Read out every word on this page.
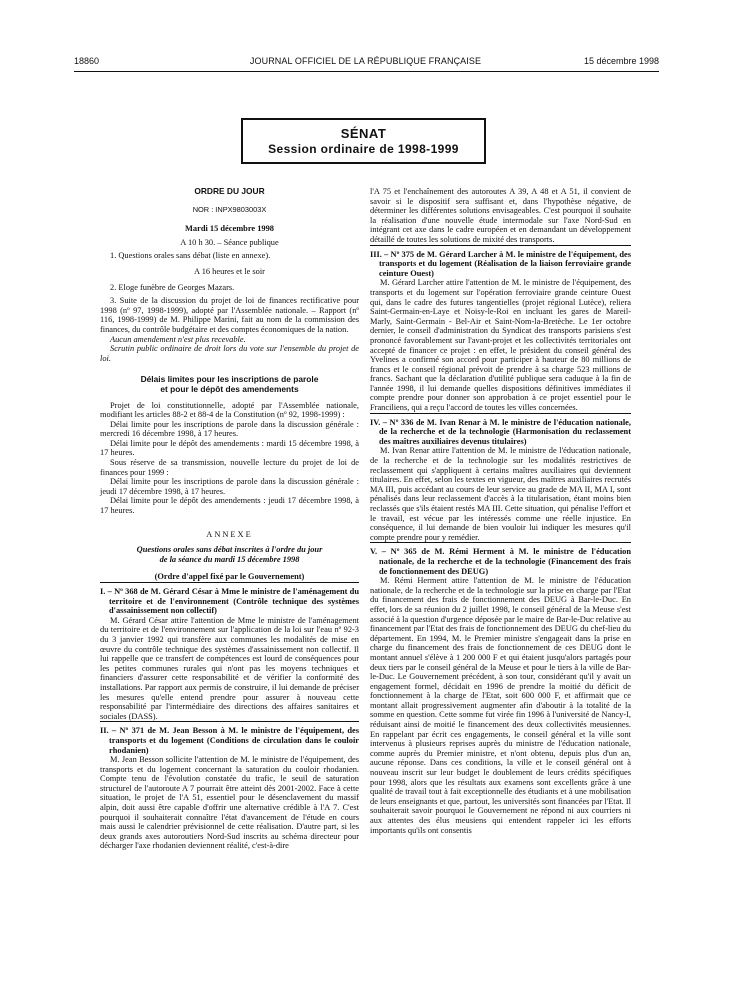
18860	JOURNAL OFFICIEL DE LA RÉPUBLIQUE FRANÇAISE	15 décembre 1998
SÉNAT
Session ordinaire de 1998-1999

ORDRE DU JOUR

NOR : INPX9803003X

Mardi 15 décembre 1998

A 10 h 30. – Séance publique

1. Questions orales sans débat (liste en annexe).

A 16 heures et le soir

2. Eloge funèbre de Georges Mazars.

3. Suite de la discussion du projet de loi de finances rectificative pour 1998 (nº 97, 1998-1999), adopté par l'Assemblée nationale. – Rapport (nº 116, 1998-1999) de M. Philippe Marini, fait au nom de la commission des finances, du contrôle budgétaire et des comptes économiques de la nation.

Aucun amendement n'est plus recevable.

Scrutin public ordinaire de droit lors du vote sur l'ensemble du projet de loi.

Délais limites pour les inscriptions de parole

et pour le dépôt des amendements

Projet de loi constitutionnelle, adopté par l'Assemblée nationale, modifiant les articles 88-2 et 88-4 de la Constitution (nº 92, 1998-1999) :

Délai limite pour les inscriptions de parole dans la discussion générale : mercredi 16 décembre 1998, à 17 heures.

Délai limite pour le dépôt des amendements : mardi 15 décembre 1998, à 17 heures.

Sous réserve de sa transmission, nouvelle lecture du projet de loi de finances pour 1999 :

Délai limite pour les inscriptions de parole dans la discussion générale : jeudi 17 décembre 1998, à 17 heures.

Délai limite pour le dépôt des amendements : jeudi 17 décembre 1998, à 17 heures.

ANNEXE

Questions orales sans débat inscrites à l'ordre du jour

de la séance du mardi 15 décembre 1998

(Ordre d'appel fixé par le Gouvernement)

I. – Nº 368 de M. Gérard César à Mme le ministre de l'aménagement du territoire et de l'environnement (Contrôle technique des systèmes d'assainissement non collectif)

M. Gérard César attire l'attention de Mme le ministre de l'aménagement du territoire et de l'environnement sur l'application de la loi sur l'eau nº 92-3 du 3 janvier 1992 qui transfère aux communes les modalités de mise en œuvre du contrôle technique des systèmes d'assainissement non collectif. Il lui rappelle que ce transfert de compétences est lourd de conséquences pour les petites communes rurales qui n'ont pas les moyens techniques et financiers d'assurer cette responsabilité et de vérifier la conformité des installations. Par rapport aux permis de construire, il lui demande de préciser les mesures qu'elle entend prendre pour assurer à nouveau cette responsabilité par l'intermédiaire des directions des affaires sanitaires et sociales (DASS).

II. – Nº 371 de M. Jean Besson à M. le ministre de l'équipement, des transports et du logement (Conditions de circulation dans le couloir rhodanien)

M. Jean Besson sollicite l'attention de M. le ministre de l'équipement, des transports et du logement concernant la saturation du couloir rhodanien. Compte tenu de l'évolution constatée du trafic, le seuil de saturation structurel de l'autoroute A 7 pourrait être atteint dès 2001-2002. Face à cette situation, le projet de l'A 51, essentiel pour le désenclavement du massif alpin, doit aussi être capable d'offrir une alternative crédible à l'A 7. C'est pourquoi il souhaiterait connaître l'état d'avancement de l'étude en cours mais aussi le calendrier prévisionnel de cette réalisation. D'autre part, si les deux grands axes autoroutiers Nord-Sud inscrits au schéma directeur pour décharger l'axe rhodanien deviennent réalité, c'est-à-dire

l'A 75 et l'enchaînement des autoroutes A 39, A 48 et A 51, il convient de savoir si le dispositif sera suffisant et, dans l'hypothèse négative, de déterminer les différentes solutions envisageables. C'est pourquoi il souhaite la réalisation d'une nouvelle étude intermodale sur l'axe Nord-Sud en intégrant cet axe dans le cadre européen et en demandant un développement détaillé de toutes les solutions de mixité des transports.

III. – Nº 375 de M. Gérard Larcher à M. le ministre de l'équipement, des transports et du logement (Réalisation de la liaison ferroviaire grande ceinture Ouest)

M. Gérard Larcher attire l'attention de M. le ministre de l'équipement, des transports et du logement sur l'opération ferroviaire grande ceinture Ouest qui, dans le cadre des futures tangentielles (projet régional Lutèce), reliera Saint-Germain-en-Laye et Noisy-le-Roi en incluant les gares de Mareil-Marly, Saint-Germain - Bel-Air et Saint-Nom-la-Bretèche. Le 1er octobre dernier, le conseil d'administration du Syndicat des transports parisiens s'est prononcé favorablement sur l'avant-projet et les collectivités territoriales ont accepté de financer ce projet : en effet, le président du conseil général des Yvelines a confirmé son accord pour participer à hauteur de 80 millions de francs et le conseil régional prévoit de prendre à sa charge 523 millions de francs. Sachant que la déclaration d'utilité publique sera caduque à la fin de l'année 1998, il lui demande quelles dispositions définitives immédiates il compte prendre pour donner son approbation à ce projet essentiel pour le Franciliens, qui a reçu l'accord de toutes les villes concernées.

IV. – Nº 336 de M. Ivan Renar à M. le ministre de l'éducation nationale, de la recherche et de la technologie (Harmonisation du reclassement des maîtres auxiliaires devenus titulaires)

M. Ivan Renar attire l'attention de M. le ministre de l'éducation nationale, de la recherche et de la technologie sur les modalités restrictives de reclassement qui s'appliquent à certains maîtres auxiliaires qui deviennent titulaires. En effet, selon les textes en vigueur, des maîtres auxiliaires recrutés MA III, puis accédant au cours de leur service au grade de MA II, MA I, sont pénalisés dans leur reclassement d'accès à la titularisation, étant moins bien reclassés que s'ils étaient restés MA III. Cette situation, qui pénalise l'effort et le travail, est vécue par les intéressés comme une réelle injustice. En conséquence, il lui demande de bien vouloir lui indiquer les mesures qu'il compte prendre pour y remédier.

V. – Nº 365 de M. Rémi Herment à M. le ministre de l'éducation nationale, de la recherche et de la technologie (Financement des frais de fonctionnement des DEUG)

M. Rémi Herment attire l'attention de M. le ministre de l'éducation nationale, de la recherche et de la technologie sur la prise en charge par l'Etat du financement des frais de fonctionnement des DEUG à Bar-le-Duc. En effet, lors de sa réunion du 2 juillet 1998, le conseil général de la Meuse s'est associé à la question d'urgence déposée par le maire de Bar-le-Duc relative au financement par l'Etat des frais de fonctionnement des DEUG du chef-lieu du département. En 1994, M. le Premier ministre s'engageait dans la prise en charge du financement des frais de fonctionnement de ces DEUG dont le montant annuel s'élève à 1 200 000 F et qui étaient jusqu'alors partagés pour deux tiers par le conseil général de la Meuse et pour le tiers à la ville de Bar-le-Duc. Le Gouvernement précédent, à son tour, considérant qu'il y avait un engagement formel, décidait en 1996 de prendre la moitié du déficit de fonctionnement à la charge de l'Etat, soit 600 000 F, et affirmait que ce montant allait progressivement augmenter afin d'aboutir à la totalité de la somme en question. Cette somme fut virée fin 1996 à l'université de Nancy-I, réduisant ainsi de moitié le financement des deux collectivités meusiennes. En rappelant par écrit ces engagements, le conseil général et la ville sont intervenus à plusieurs reprises auprès du ministre de l'éducation nationale, comme auprès du Premier ministre, et n'ont obtenu, depuis plus d'un an, aucune réponse. Dans ces conditions, la ville et le conseil général ont à nouveau inscrit sur leur budget le doublement de leurs crédits spécifiques pour 1998, alors que les résultats aux examens sont excellents grâce à une qualité de travail tout à fait exceptionnelle des étudiants et à une mobilisation de leurs enseignants et que, partout, les universités sont financées par l'Etat. Il souhaiterait savoir pourquoi le Gouvernement ne répond ni aux courriers ni aux attentes des élus meusiens qui entendent rappeler ici les efforts importants qu'ils ont consentis
